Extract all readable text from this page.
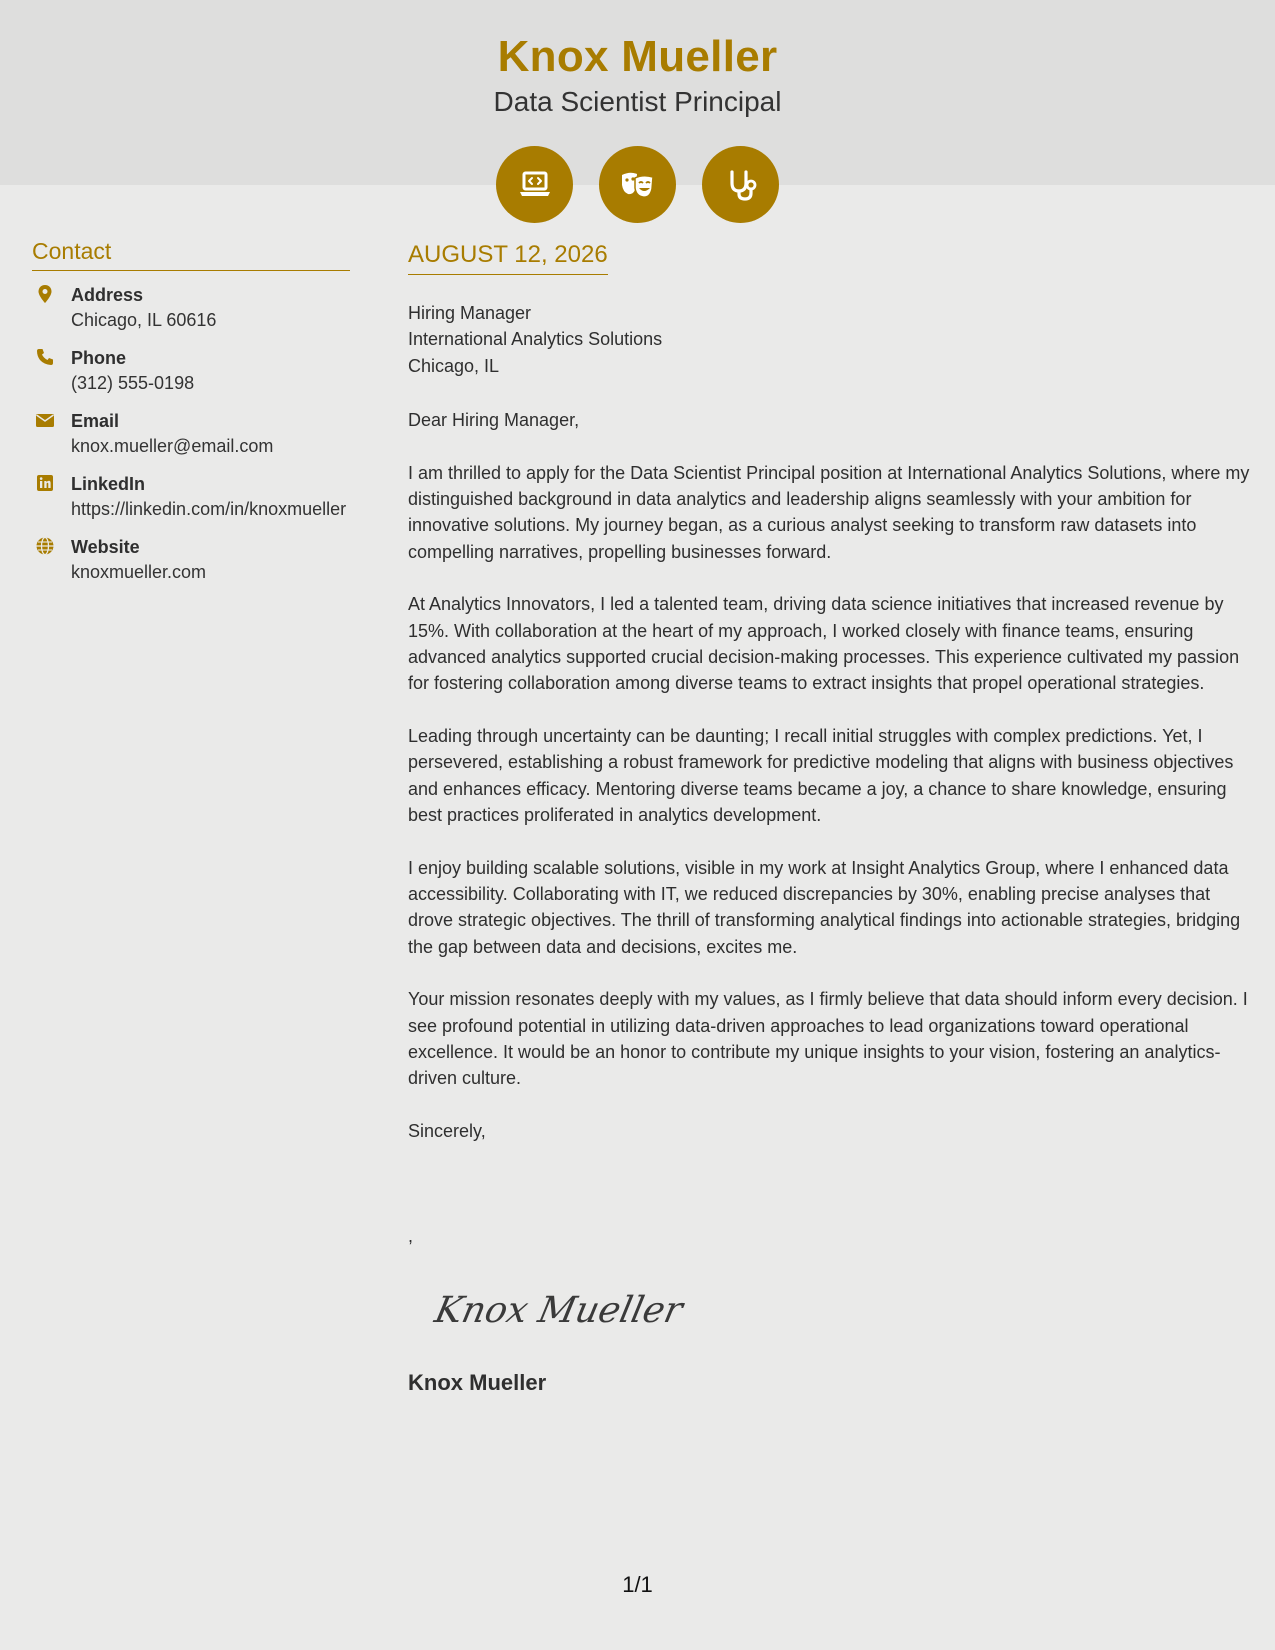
Knox Mueller
Data Scientist Principal
Contact
Address
Chicago, IL 60616
Phone
(312) 555-0198
Email
knox.mueller@email.com
LinkedIn
https://linkedin.com/in/knoxmueller
Website
knoxmueller.com
AUGUST 12, 2026
Hiring Manager
International Analytics Solutions
Chicago, IL
Dear Hiring Manager,
I am thrilled to apply for the Data Scientist Principal position at International Analytics Solutions, where my distinguished background in data analytics and leadership aligns seamlessly with your ambition for innovative solutions. My journey began, as a curious analyst seeking to transform raw datasets into compelling narratives, propelling businesses forward.
At Analytics Innovators, I led a talented team, driving data science initiatives that increased revenue by 15%. With collaboration at the heart of my approach, I worked closely with finance teams, ensuring advanced analytics supported crucial decision-making processes. This experience cultivated my passion for fostering collaboration among diverse teams to extract insights that propel operational strategies.
Leading through uncertainty can be daunting; I recall initial struggles with complex predictions. Yet, I persevered, establishing a robust framework for predictive modeling that aligns with business objectives and enhances efficacy. Mentoring diverse teams became a joy, a chance to share knowledge, ensuring best practices proliferated in analytics development.
I enjoy building scalable solutions, visible in my work at Insight Analytics Group, where I enhanced data accessibility. Collaborating with IT, we reduced discrepancies by 30%, enabling precise analyses that drove strategic objectives. The thrill of transforming analytical findings into actionable strategies, bridging the gap between data and decisions, excites me.
Your mission resonates deeply with my values, as I firmly believe that data should inform every decision. I see profound potential in utilizing data-driven approaches to lead organizations toward operational excellence. It would be an honor to contribute my unique insights to your vision, fostering an analytics-driven culture.
Sincerely,
,
Knox Mueller
Knox Mueller
1/1
